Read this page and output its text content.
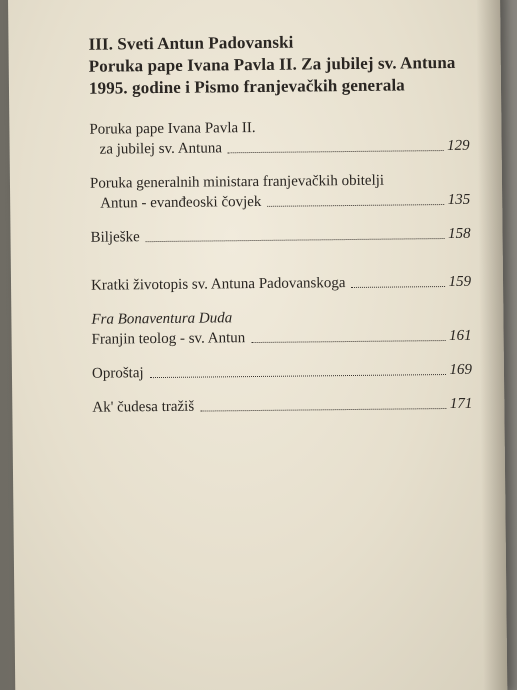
III. Sveti Antun Padovanski

Poruka pape Ivana Pavla II. Za jubilej sv. Antuna

1995. godine i Pismo franjevačkih generala

Poruka pape Ivana Pavla II.
za jubilej sv. Antuna	129
Poruka generalnih ministara franjevačkih obitelji
Antun - evanđeoski čovjek	135
Bilješke	158
Kratki životopis sv. Antuna Padovanskoga	159
Fra Bonaventura Duda
Franjin teolog - sv. Antun	161
Oproštaj	169
Ak' čudesa tražiš	171
